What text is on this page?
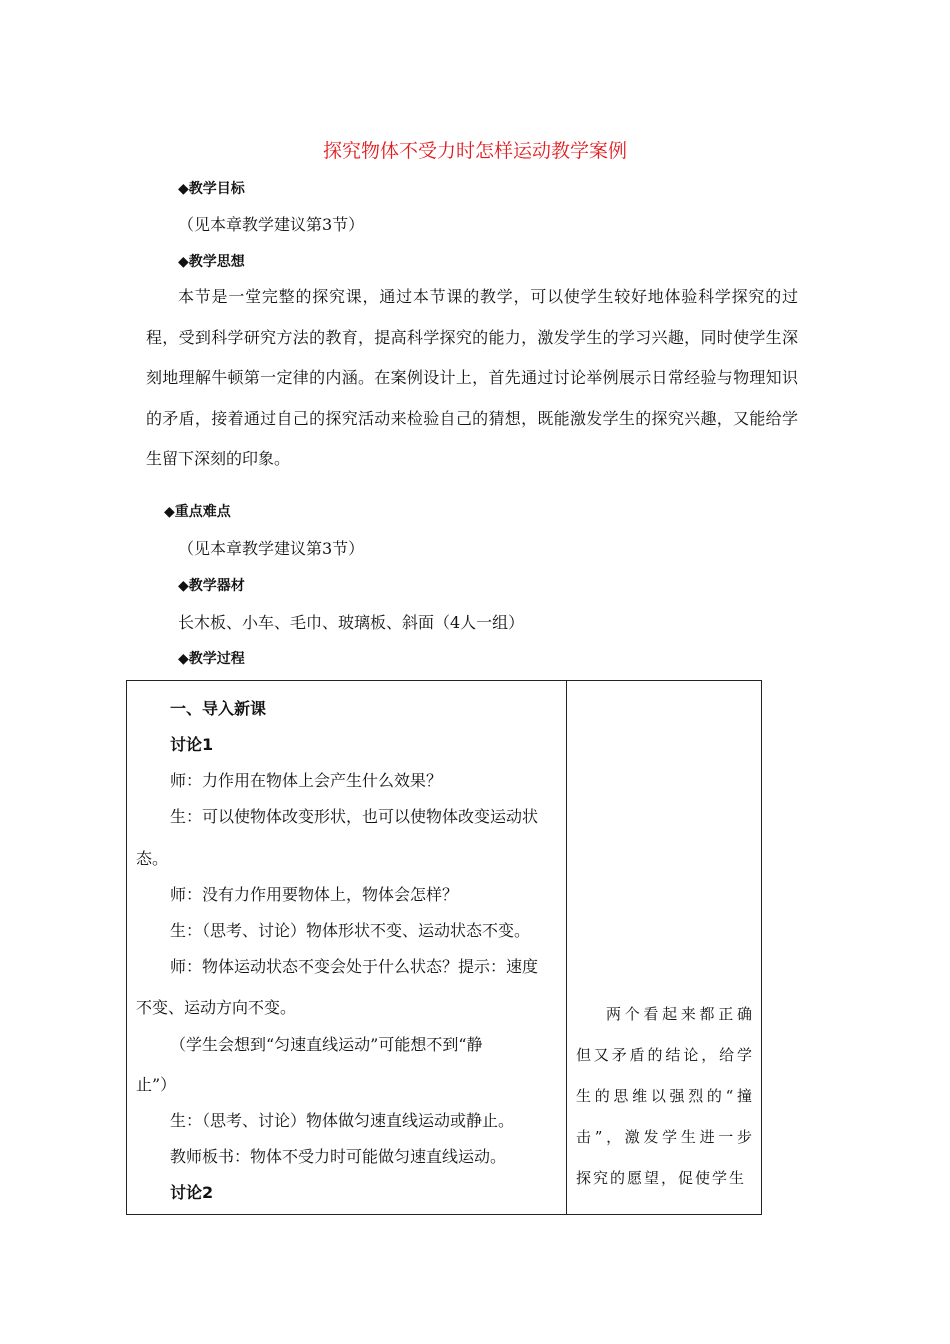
探究物体不受力时怎样运动教学案例
◆教学目标
（见本章教学建议第3节）
◆教学思想
本节是一堂完整的探究课，通过本节课的教学，可以使学生较好地体验科学探究的过程，受到科学研究方法的教育，提高科学探究的能力，激发学生的学习兴趣，同时使学生深刻地理解牛顿第一定律的内涵。在案例设计上，首先通过讨论举例展示日常经验与物理知识的矛盾，接着通过自己的探究活动来检验自己的猜想，既能激发学生的探究兴趣，又能给学生留下深刻的印象。
◆重点难点
（见本章教学建议第3节）
◆教学器材
长木板、小车、毛巾、玻璃板、斜面（4人一组）
◆教学过程
一、导入新课
讨论1
师：力作用在物体上会产生什么效果？
生：可以使物体改变形状，也可以使物体改变运动状
态。
师：没有力作用要物体上，物体会怎样？
生：（思考、讨论）物体形状不变、运动状态不变。
师：物体运动状态不变会处于什么状态？提示：速度
不变、运动方向不变。
（学生会想到“匀速直线运动”可能想不到“静
止”）
生：（思考、讨论）物体做匀速直线运动或静止。
教师板书：物体不受力时可能做匀速直线运动。
讨论2
两个看起来都正确但又矛盾的结论，给学生的思维以强烈的“撞击”，激发学生进一步探究的愿望，促使学生
